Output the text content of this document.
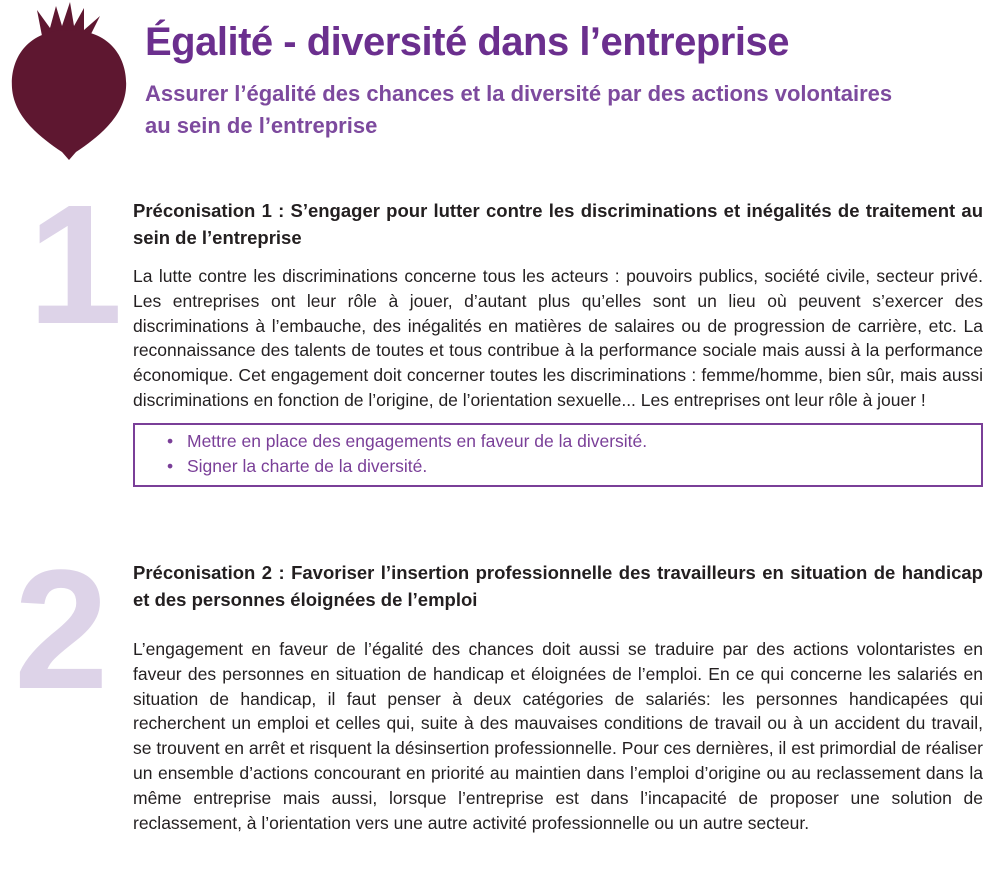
Égalité - diversité dans l’entreprise

Assurer l’égalité des chances et la diversité par des actions volontaires au sein de l’entreprise

1 Préconisation 1 : S’engager pour lutter contre les discriminations et inégalités de traitement au sein de l’entreprise

La lutte contre les discriminations concerne tous les acteurs : pouvoirs publics, société civile, secteur privé. Les entreprises ont leur rôle à jouer, d’autant plus qu’elles sont un lieu où peuvent s’exercer des discriminations à l’embauche, des inégalités en matières de salaires ou de progression de carrière, etc. La reconnaissance des talents de toutes et tous contribue à la performance sociale mais aussi à la performance économique. Cet engagement doit concerner toutes les discriminations : femme/homme, bien sûr, mais aussi discriminations en fonction de l’origine, de l’orientation sexuelle... Les entreprises ont leur rôle à jouer !

• Mettre en place des engagements en faveur de la diversité.
• Signer la charte de la diversité.
2 Préconisation 2 : Favoriser l’insertion professionnelle des travailleurs en situation de handicap et des personnes éloignées de l’emploi

L’engagement en faveur de l’égalité des chances doit aussi se traduire par des actions volontaristes en faveur des personnes en situation de handicap et éloignées de l’emploi. En ce qui concerne les salariés en situation de handicap, il faut penser à deux catégories de salariés: les personnes handicapées qui recherchent un emploi et celles qui, suite à des mauvaises conditions de travail ou à un accident du travail, se trouvent en arrêt et risquent la désinsertion professionnelle. Pour ces dernières, il est primordial de réaliser un ensemble d’actions concourant en priorité au maintien dans l’emploi d’origine ou au reclassement dans la même entreprise mais aussi, lorsque l’entreprise est dans l’incapacité de proposer une solution de reclassement, à l’orientation vers une autre activité professionnelle ou un autre secteur.
